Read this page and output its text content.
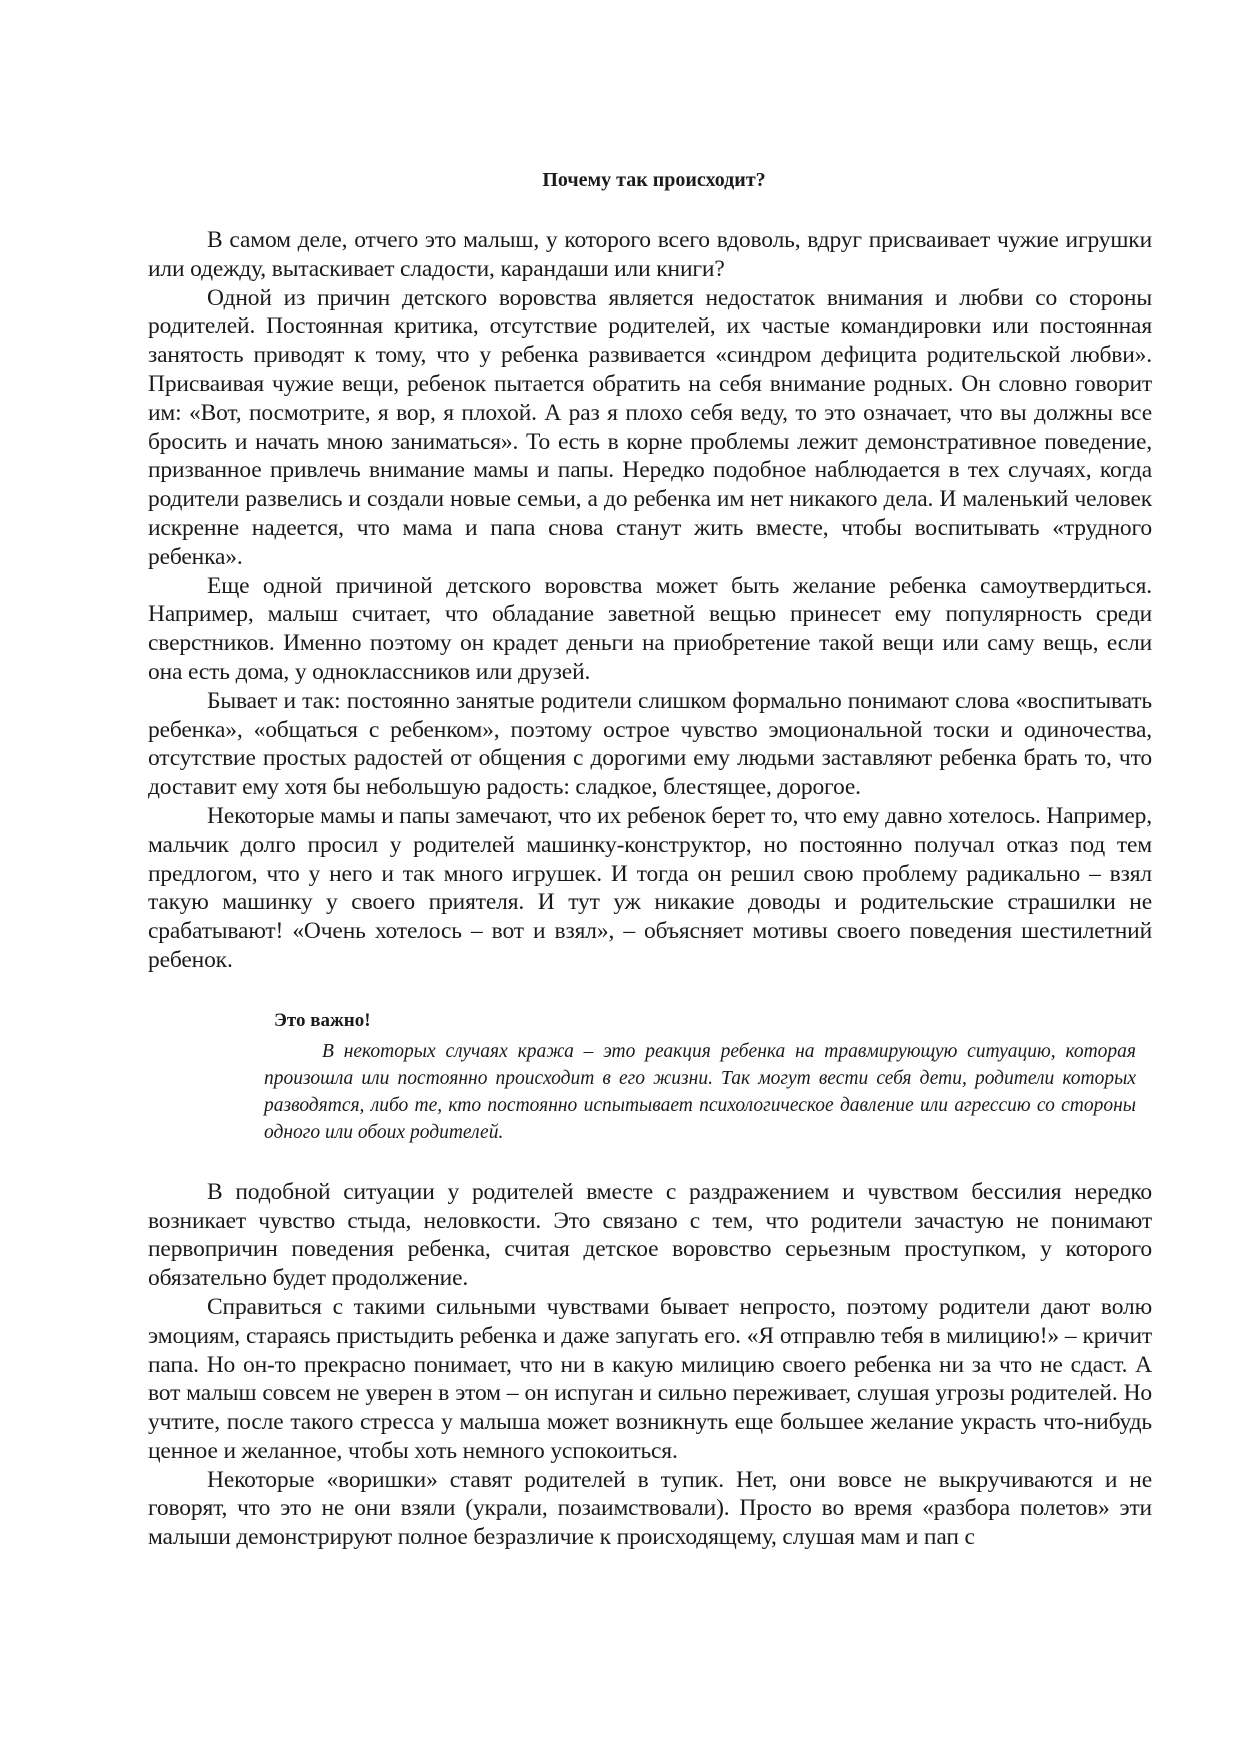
Почему так происходит?

В самом деле, отчего это малыш, у которого всего вдоволь, вдруг присваивает чужие игрушки или одежду, вытаскивает сладости, карандаши или книги?

Одной из причин детского воровства является недостаток внимания и любви со стороны родителей. Постоянная критика, отсутствие родителей, их частые командировки или постоянная занятость приводят к тому, что у ребенка развивается «синдром дефицита родительской любви». Присваивая чужие вещи, ребенок пытается обратить на себя внимание родных. Он словно говорит им: «Вот, посмотрите, я вор, я плохой. А раз я плохо себя веду, то это означает, что вы должны все бросить и начать мною заниматься». То есть в корне проблемы лежит демонстративное поведение, призванное привлечь внимание мамы и папы. Нередко подобное наблюдается в тех случаях, когда родители развелись и создали новые семьи, а до ребенка им нет никакого дела. И маленький человек искренне надеется, что мама и папа снова станут жить вместе, чтобы воспитывать «трудного ребенка».

Еще одной причиной детского воровства может быть желание ребенка самоутвердиться. Например, малыш считает, что обладание заветной вещью принесет ему популярность среди сверстников. Именно поэтому он крадет деньги на приобретение такой вещи или саму вещь, если она есть дома, у одноклассников или друзей.

Бывает и так: постоянно занятые родители слишком формально понимают слова «воспитывать ребенка», «общаться с ребенком», поэтому острое чувство эмоциональной тоски и одиночества, отсутствие простых радостей от общения с дорогими ему людьми заставляют ребенка брать то, что доставит ему хотя бы небольшую радость: сладкое, блестящее, дорогое.

Некоторые мамы и папы замечают, что их ребенок берет то, что ему давно хотелось. Например, мальчик долго просил у родителей машинку-конструктор, но постоянно получал отказ под тем предлогом, что у него и так много игрушек. И тогда он решил свою проблему радикально – взял такую машинку у своего приятеля. И тут уж никакие доводы и родительские страшилки не срабатывают! «Очень хотелось – вот и взял», – объясняет мотивы своего поведения шестилетний ребенок.

Это важно!

В некоторых случаях кража – это реакция ребенка на травмирующую ситуацию, которая произошла или постоянно происходит в его жизни. Так могут вести себя дети, родители которых разводятся, либо те, кто постоянно испытывает психологическое давление или агрессию со стороны одного или обоих родителей.

В подобной ситуации у родителей вместе с раздражением и чувством бессилия нередко возникает чувство стыда, неловкости. Это связано с тем, что родители зачастую не понимают первопричин поведения ребенка, считая детское воровство серьезным проступком, у которого обязательно будет продолжение.

Справиться с такими сильными чувствами бывает непросто, поэтому родители дают волю эмоциям, стараясь пристыдить ребенка и даже запугать его. «Я отправлю тебя в милицию!» – кричит папа. Но он-то прекрасно понимает, что ни в какую милицию своего ребенка ни за что не сдаст. А вот малыш совсем не уверен в этом – он испуган и сильно переживает, слушая угрозы родителей. Но учтите, после такого стресса у малыша может возникнуть еще большее желание украсть что-нибудь ценное и желанное, чтобы хоть немного успокоиться.

Некоторые «воришки» ставят родителей в тупик. Нет, они вовсе не выкручиваются и не говорят, что это не они взяли (украли, позаимствовали). Просто во время «разбора полетов» эти малыши демонстрируют полное безразличие к происходящему, слушая мам и пап с
